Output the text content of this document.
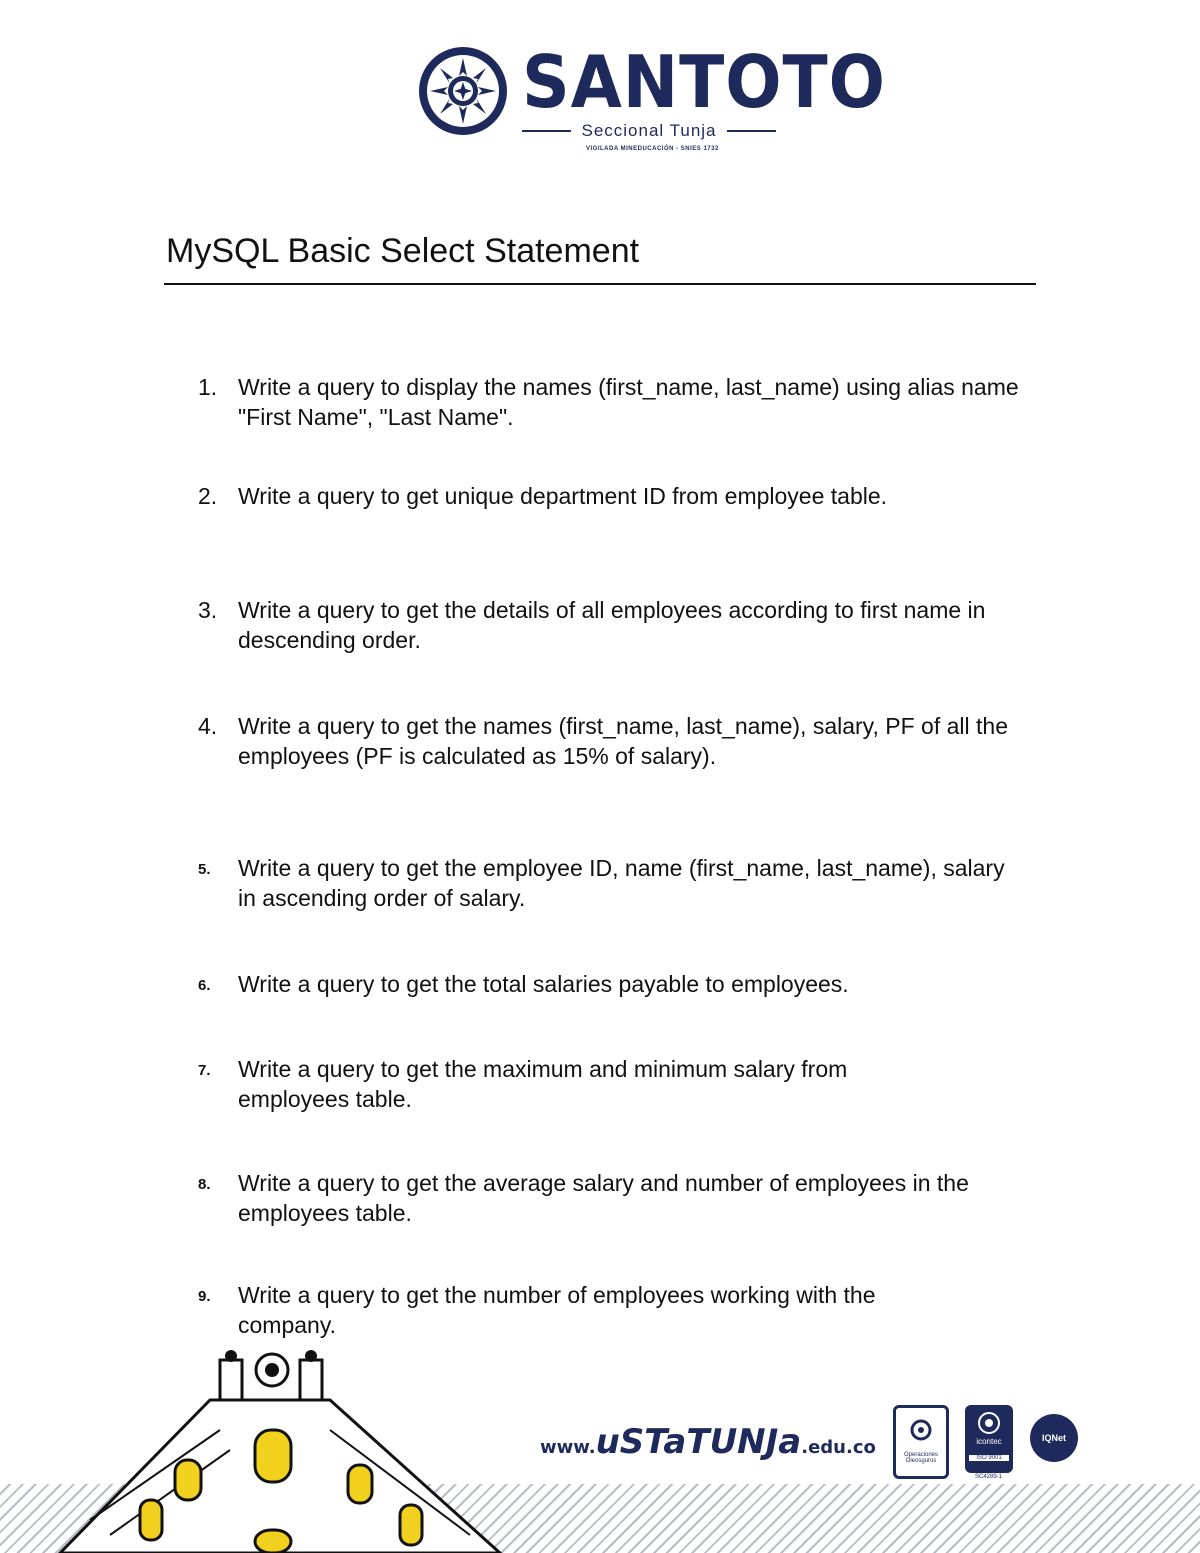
SANTOTO
Seccional Tunja
VIGILADA MINEDUCACIÓN - SNIES 1732
MySQL Basic Select Statement
1. Write a query to display the names (first_name, last_name) using alias name "First Name", "Last Name".
2. Write a query to get unique department ID from employee table.
3. Write a query to get the details of all employees according to first name in descending order.
4. Write a query to get the names (first_name, last_name), salary, PF of all the employees (PF is calculated as 15% of salary).
5.	Write a query to get the employee ID, name (first_name, last_name), salary in ascending order of salary.
6.	Write a query to get the total salaries payable to employees.
7.	Write a query to get the maximum and minimum salary from employees table.
8.	Write a query to get the average salary and number of employees in the employees table.
9.	Write a query to get the number of employees working with the company.
www.uSTaTUNJa.edu.co	Operaciones Oleosguros
icontec
ISO 9001
SC4289-1
IQNet
